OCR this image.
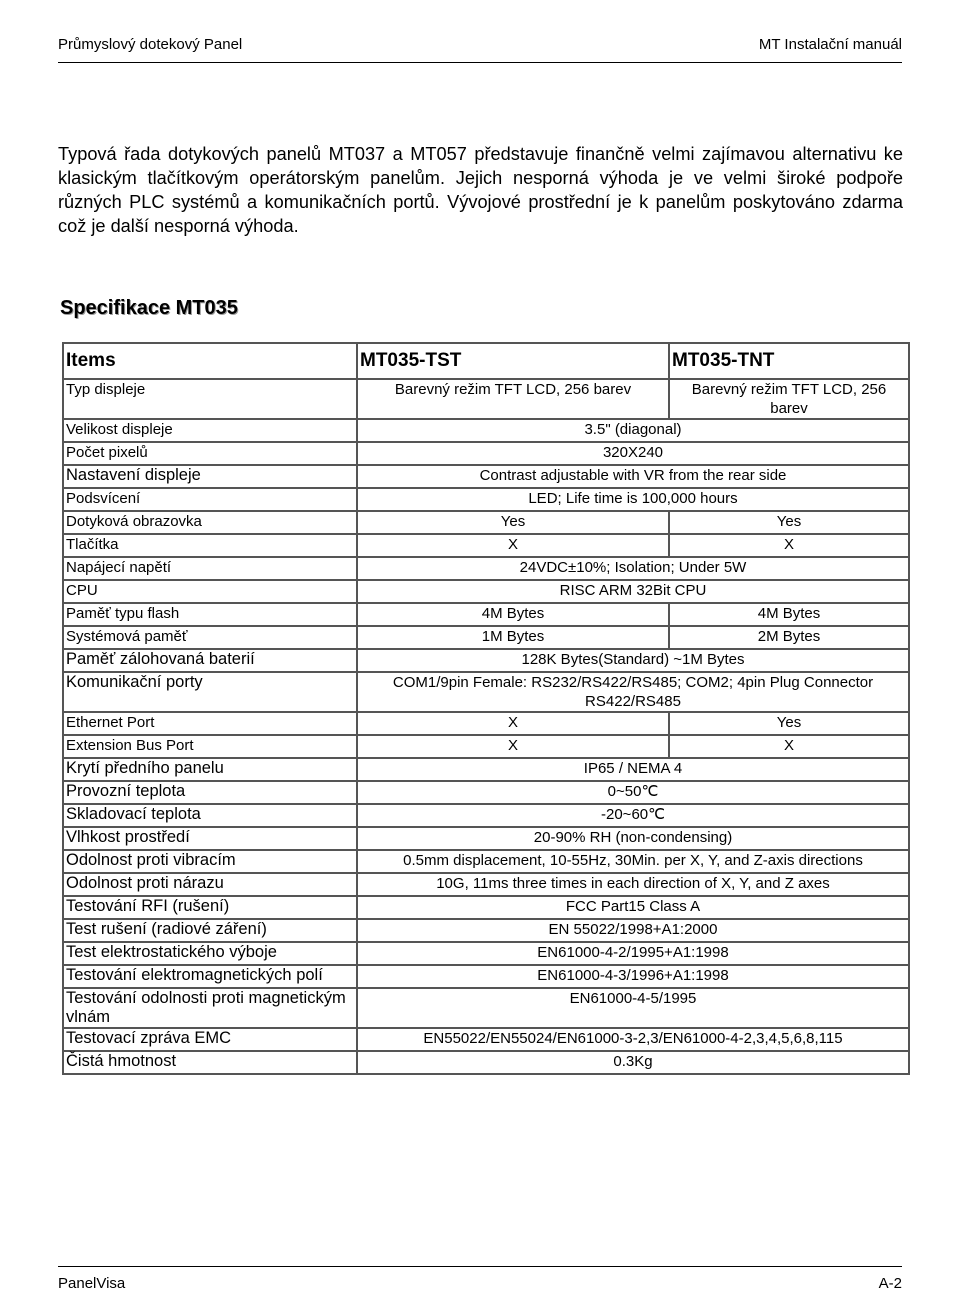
Průmyslový dotekový Panel	MT Instalační manuál

Typová řada dotykových panelů MT037 a MT057 představuje finančně velmi zajímavou alternativu ke klasickým tlačítkovým operátorským panelům. Jejich nesporná výhoda je ve velmi široké podpoře různých PLC systémů a komunikačních portů. Vývojové prostřední je k panelům poskytováno zdarma což je další nesporná výhoda.

Specifikace MT035
Items	MT035-TST	MT035-TNT
Typ displeje	Barevný režim TFT LCD, 256 barev	Barevný režim TFT LCD, 256 barev
Velikost displeje	3.5" (diagonal)	
Počet pixelů	320X240	
Nastavení displeje	Contrast adjustable with VR from the rear side	
Podsvícení	LED; Life time is 100,000 hours	
Dotyková obrazovka	Yes	Yes
Tlačítka	X	X
Napájecí napětí	24VDC±10%; Isolation; Under 5W	
CPU	RISC ARM 32Bit CPU	
Paměť typu flash	4M Bytes	4M Bytes
Systémová paměť	1M Bytes	2M Bytes
Paměť zálohovaná baterií	128K Bytes(Standard) ~1M Bytes	
Komunikační porty	COM1/9pin Female: RS232/RS422/RS485; COM2; 4pin Plug Connector RS422/RS485	
Ethernet Port	X	Yes
Extension Bus Port	X	X
Krytí předního panelu	IP65 / NEMA 4	
Provozní teplota	0~50℃	
Skladovací teplota	-20~60℃	
Vlhkost prostředí	20-90% RH (non-condensing)	
Odolnost proti vibracím	0.5mm displacement, 10-55Hz, 30Min. per X, Y, and Z-axis directions	
Odolnost proti nárazu	10G, 11ms three times in each direction of X, Y, and Z axes	
Testování RFI (rušení)	FCC Part15 Class A	
Test rušení (radiové záření)	EN 55022/1998+A1:2000	
Test elektrostatického výboje	EN61000-4-2/1995+A1:1998	
Testování elektromagnetických polí	EN61000-4-3/1996+A1:1998	
Testování odolnosti proti magnetickým vlnám	EN61000-4-5/1995	
Testovací zpráva EMC	EN55022/EN55024/EN61000-3-2,3/EN61000-4-2,3,4,5,6,8,115	
Čistá hmotnost	0.3Kg	
PanelVisa	A-2
